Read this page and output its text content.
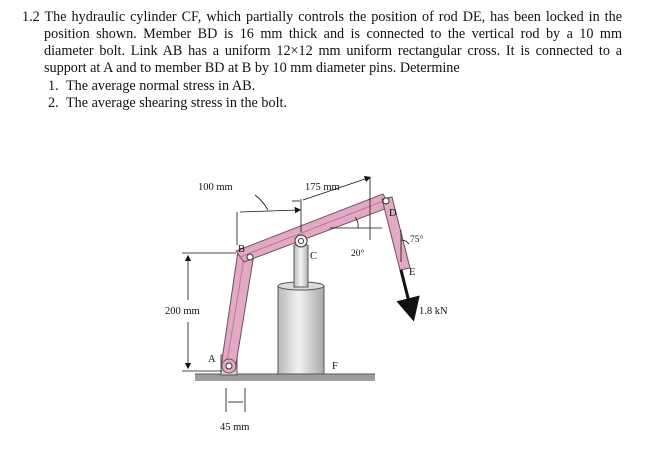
1.2 The hydraulic cylinder CF, which partially controls the position of rod DE, has been locked in the position shown. Member BD is 16 mm thick and is connected to the vertical rod by a 10 mm diameter bolt. Link AB has a uniform 12×12 mm uniform rectangular cross. It is connected to a support at A and to member BD at B by 10 mm diameter pins. Determine

1. The average normal stress in AB.
2. The average shearing stress in the bolt.
100 mm	175 mm
200 mm
45 mm
75°
20°
1.8 kN
A
B
C
D
E
F
